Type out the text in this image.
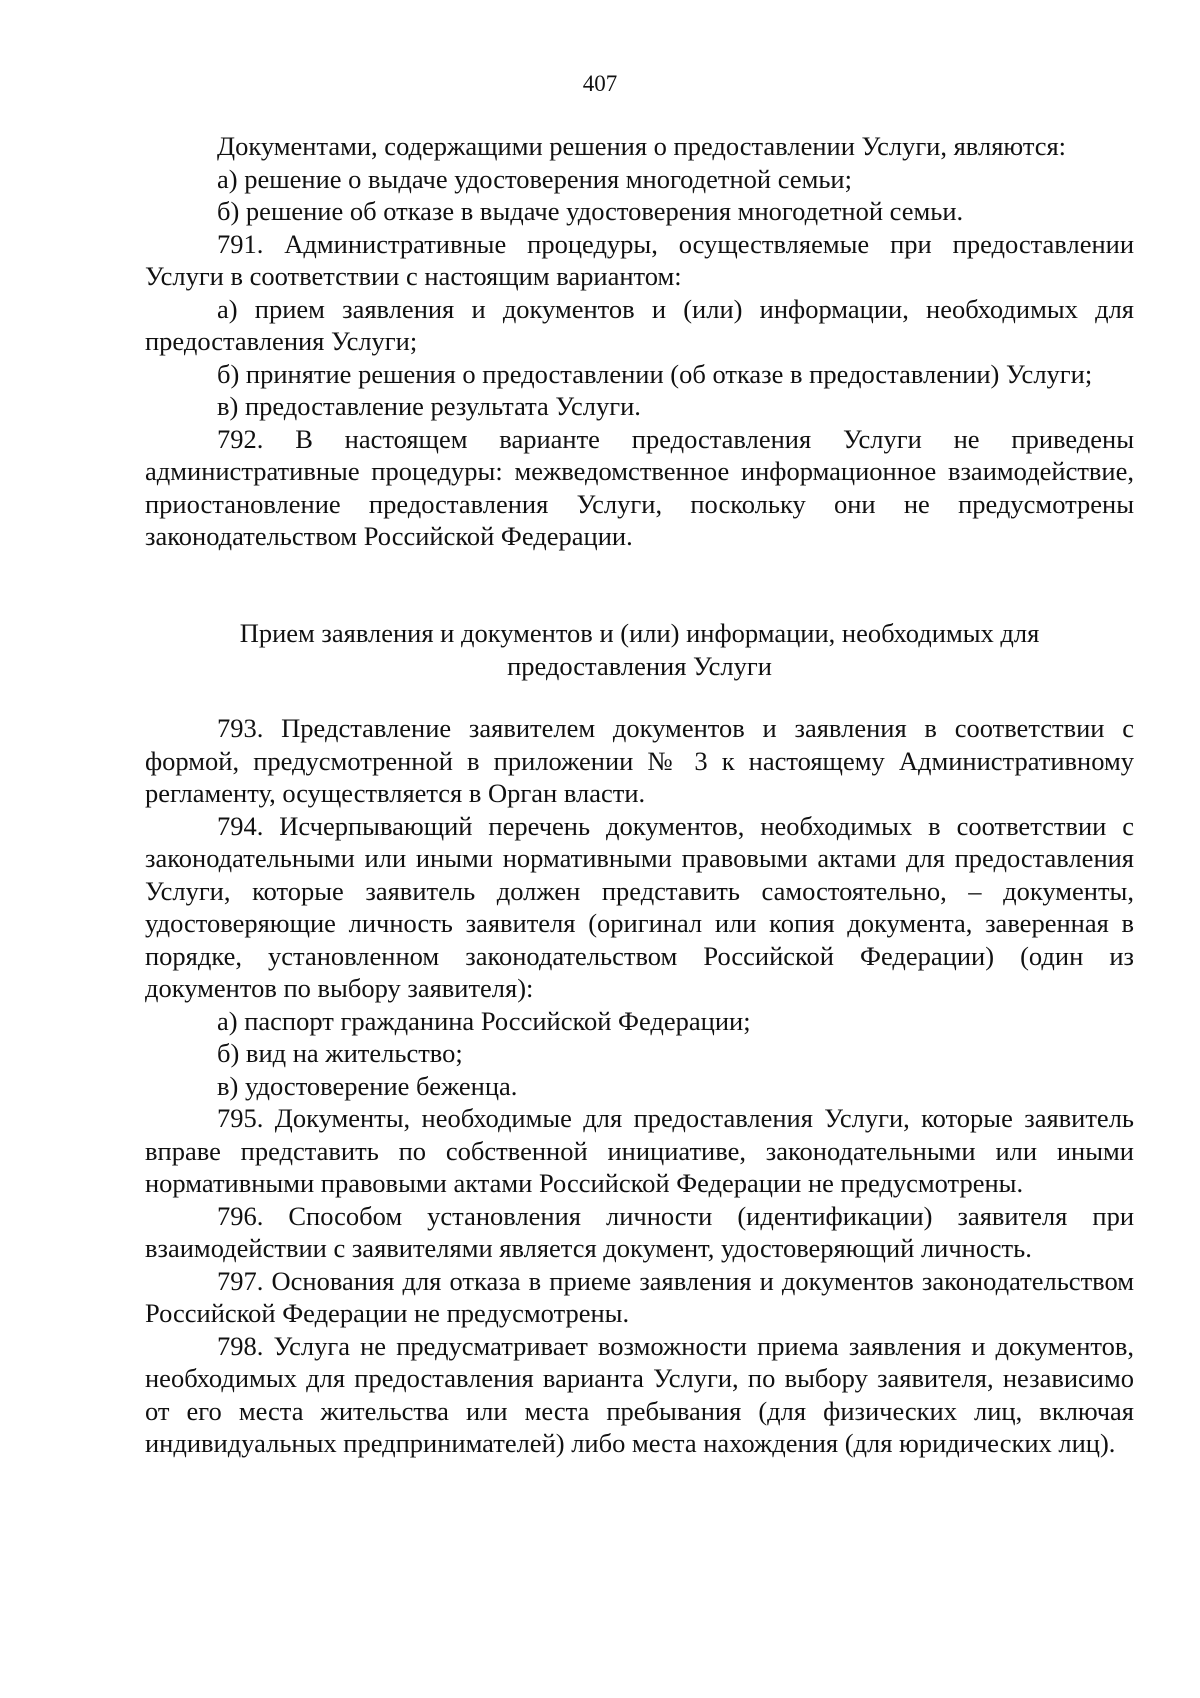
407

Документами, содержащими решения о предоставлении Услуги, являются:

а) решение о выдаче удостоверения многодетной семьи;

б) решение об отказе в выдаче удостоверения многодетной семьи.

791. Административные процедуры, осуществляемые при предоставлении Услуги в соответствии с настоящим вариантом:

а) прием заявления и документов и (или) информации, необходимых для предоставления Услуги;

б) принятие решения о предоставлении (об отказе в предоставлении) Услуги;

в) предоставление результата Услуги.

792. В настоящем варианте предоставления Услуги не приведены административные процедуры: межведомственное информационное взаимодействие, приостановление предоставления Услуги, поскольку они не предусмотрены законодательством Российской Федерации.

Прием заявления и документов и (или) информации, необходимых для
предоставления Услуги

793. Представление заявителем документов и заявления в соответствии с формой, предусмотренной в приложении № 3 к настоящему Административному регламенту, осуществляется в Орган власти.

794. Исчерпывающий перечень документов, необходимых в соответствии с законодательными или иными нормативными правовыми актами для предоставления Услуги, которые заявитель должен представить самостоятельно, – документы, удостоверяющие личность заявителя (оригинал или копия документа, заверенная в порядке, установленном законодательством Российской Федерации) (один из документов по выбору заявителя):

а) паспорт гражданина Российской Федерации;

б) вид на жительство;

в) удостоверение беженца.

795. Документы, необходимые для предоставления Услуги, которые заявитель вправе представить по собственной инициативе, законодательными или иными нормативными правовыми актами Российской Федерации не предусмотрены.

796. Способом установления личности (идентификации) заявителя при взаимодействии с заявителями является документ, удостоверяющий личность.

797. Основания для отказа в приеме заявления и документов законодательством Российской Федерации не предусмотрены.

798. Услуга не предусматривает возможности приема заявления и документов, необходимых для предоставления варианта Услуги, по выбору заявителя, независимо от его места жительства или места пребывания (для физических лиц, включая индивидуальных предпринимателей) либо места нахождения (для юридических лиц).
